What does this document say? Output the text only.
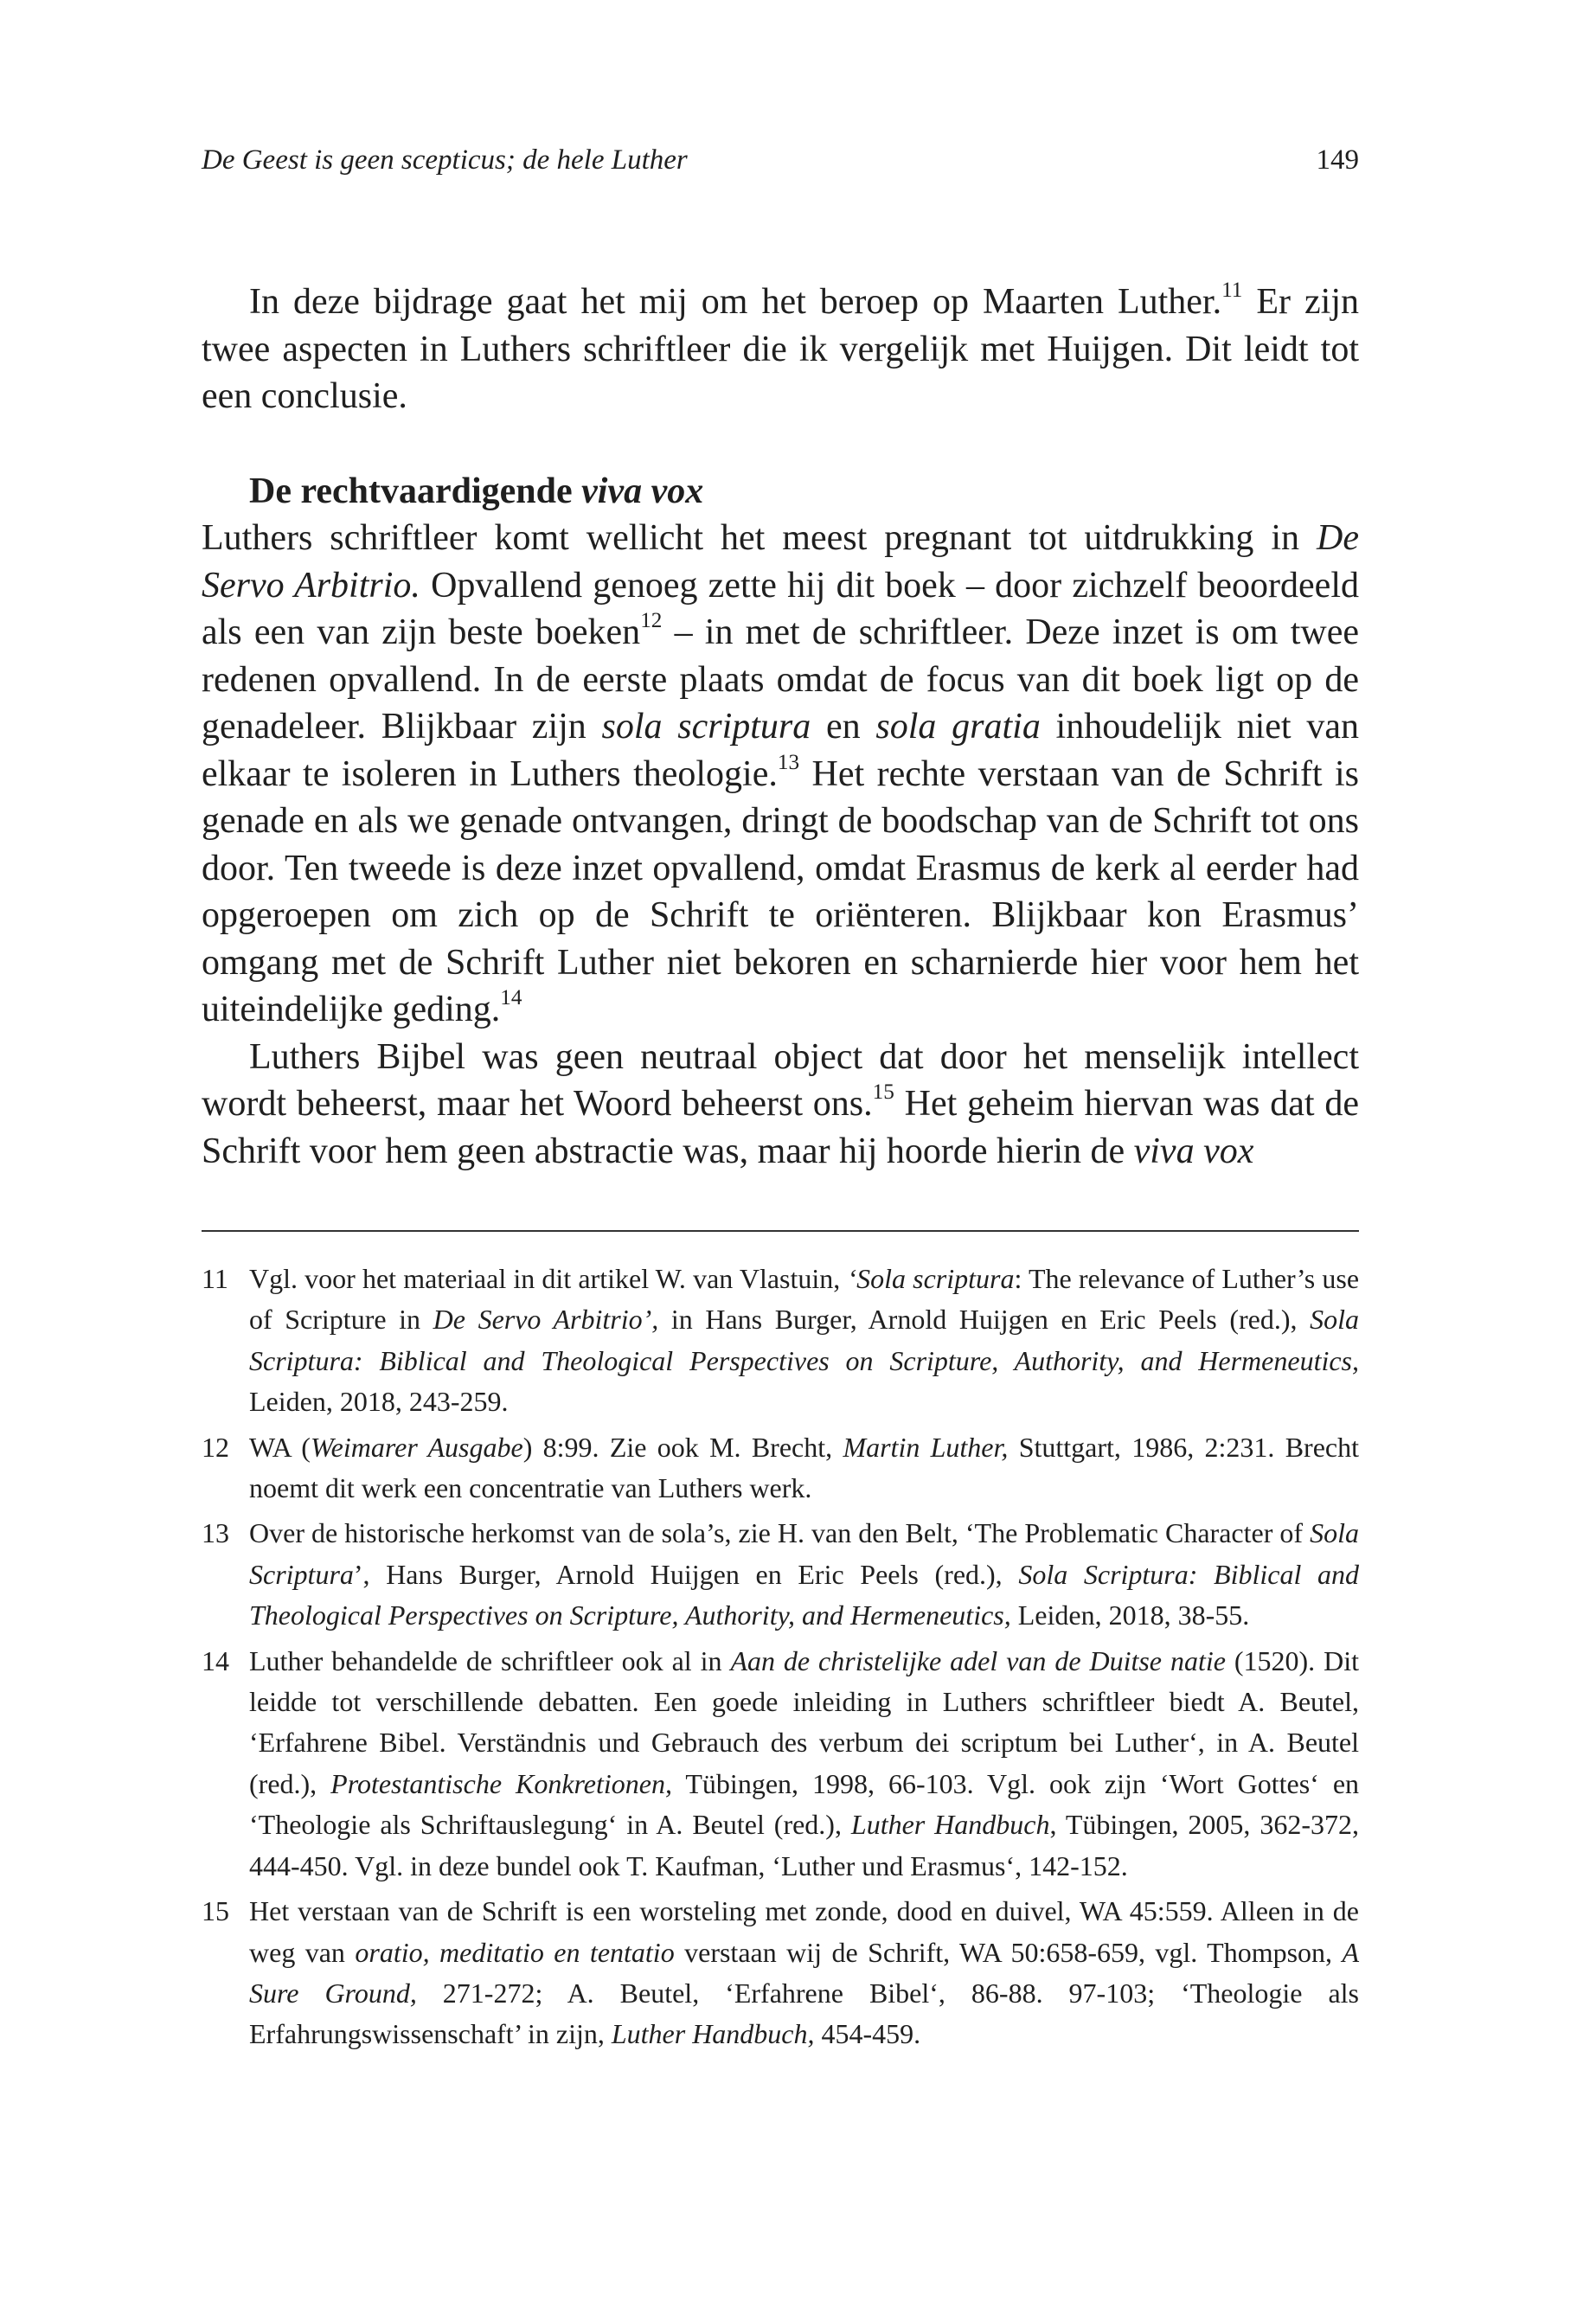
De Geest is geen scepticus; de hele Luther	149

In deze bijdrage gaat het mij om het beroep op Maarten Luther.$^{11}$ Er zijn twee aspecten in Luthers schriftleer die ik vergelijk met Huijgen. Dit leidt tot een conclusie.

De rechtvaardigende viva vox

Luthers schriftleer komt wellicht het meest pregnant tot uitdrukking in De Servo Arbitrio. Opvallend genoeg zette hij dit boek – door zichzelf beoordeeld als een van zijn beste boeken$^{12}$ – in met de schriftleer. Deze inzet is om twee redenen opvallend. In de eerste plaats omdat de focus van dit boek ligt op de genadeleer. Blijkbaar zijn sola scriptura en sola gratia inhoudelijk niet van elkaar te isoleren in Luthers theologie.$^{13}$ Het rechte verstaan van de Schrift is genade en als we genade ontvangen, dringt de boodschap van de Schrift tot ons door. Ten tweede is deze inzet opvallend, omdat Erasmus de kerk al eerder had opgeroepen om zich op de Schrift te oriënteren. Blijkbaar kon Erasmus’ omgang met de Schrift Luther niet bekoren en scharnierde hier voor hem het uiteindelijke geding.$^{14}$

Luthers Bijbel was geen neutraal object dat door het menselijk intellect wordt beheerst, maar het Woord beheerst ons.$^{15}$ Het geheim hiervan was dat de Schrift voor hem geen abstractie was, maar hij hoorde hierin de viva vox

11 Vgl. voor het materiaal in dit artikel W. van Vlastuin, ‘Sola scriptura: The relevance of Luther’s use of Scripture in De Servo Arbitrio’, in Hans Burger, Arnold Huijgen en Eric Peels (red.), Sola Scriptura: Biblical and Theological Perspectives on Scripture, Authority, and Hermeneutics, Leiden, 2018, 243-259.
12 WA (Weimarer Ausgabe) 8:99. Zie ook M. Brecht, Martin Luther, Stuttgart, 1986, 2:231. Brecht noemt dit werk een concentratie van Luthers werk.
13 Over de historische herkomst van de sola’s, zie H. van den Belt, ‘The Problematic Character of Sola Scriptura’, Hans Burger, Arnold Huijgen en Eric Peels (red.), Sola Scriptura: Biblical and Theological Perspectives on Scripture, Authority, and Hermeneutics, Leiden, 2018, 38-55.
14 Luther behandelde de schriftleer ook al in Aan de christelijke adel van de Duitse natie (1520). Dit leidde tot verschillende debatten. Een goede inleiding in Luthers schriftleer biedt A. Beutel, ‘Erfahrene Bibel. Verständnis und Gebrauch des verbum dei scriptum bei Luther‘, in A. Beutel (red.), Protestantische Konkretionen, Tübingen, 1998, 66-103. Vgl. ook zijn ‘Wort Gottes‘ en ‘Theologie als Schriftauslegung‘ in A. Beutel (red.), Luther Handbuch, Tübingen, 2005, 362-372, 444-450. Vgl. in deze bundel ook T. Kaufman, ‘Luther und Erasmus‘, 142-152.
15 Het verstaan van de Schrift is een worsteling met zonde, dood en duivel, WA 45:559. Alleen in de weg van oratio, meditatio en tentatio verstaan wij de Schrift, WA 50:658-659, vgl. Thompson, A Sure Ground, 271-272; A. Beutel, ‘Erfahrene Bibel‘, 86-88. 97-103; ‘Theologie als Erfahrungswissenschaft’ in zijn, Luther Handbuch, 454-459.
